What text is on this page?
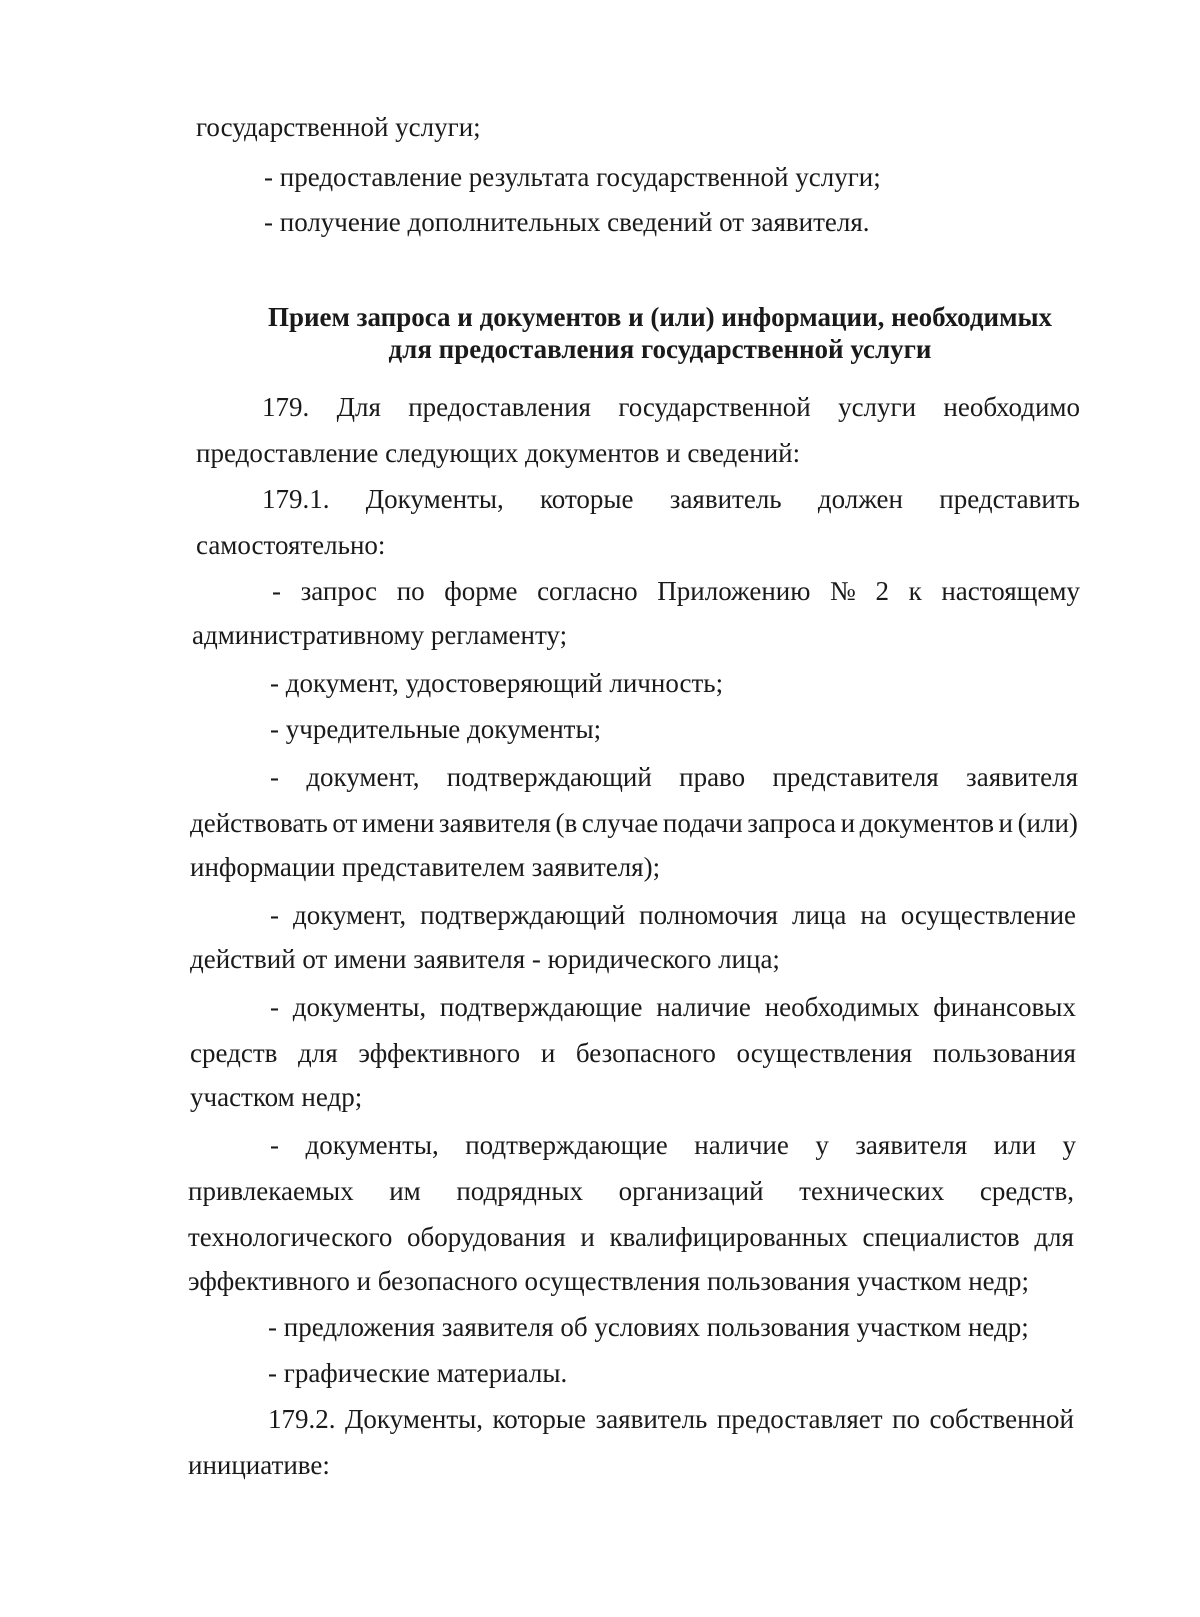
государственной услуги;
- предоставление результата государственной услуги;
- получение дополнительных сведений от заявителя.
Прием запроса и документов и (или) информации, необходимых
для предоставления государственной услуги
179. Для предоставления государственной услуги необходимо
предоставление следующих документов и сведений:
179.1. Документы, которые заявитель должен представить
самостоятельно:
- запрос по форме согласно Приложению № 2 к настоящему
административному регламенту;
- документ, удостоверяющий личность;
- учредительные документы;
- документ, подтверждающий право представителя заявителя
действовать от имени заявителя (в случае подачи запроса и документов и (или)
информации представителем заявителя);
- документ, подтверждающий полномочия лица на осуществление
действий от имени заявителя - юридического лица;
- документы, подтверждающие наличие необходимых финансовых
средств для эффективного и безопасного осуществления пользования
участком недр;
- документы, подтверждающие наличие у заявителя или у
привлекаемых им подрядных организаций технических средств,
технологического оборудования и квалифицированных специалистов для
эффективного и безопасного осуществления пользования участком недр;
- предложения заявителя об условиях пользования участком недр;
- графические материалы.
179.2. Документы, которые заявитель предоставляет по собственной
инициативе:
